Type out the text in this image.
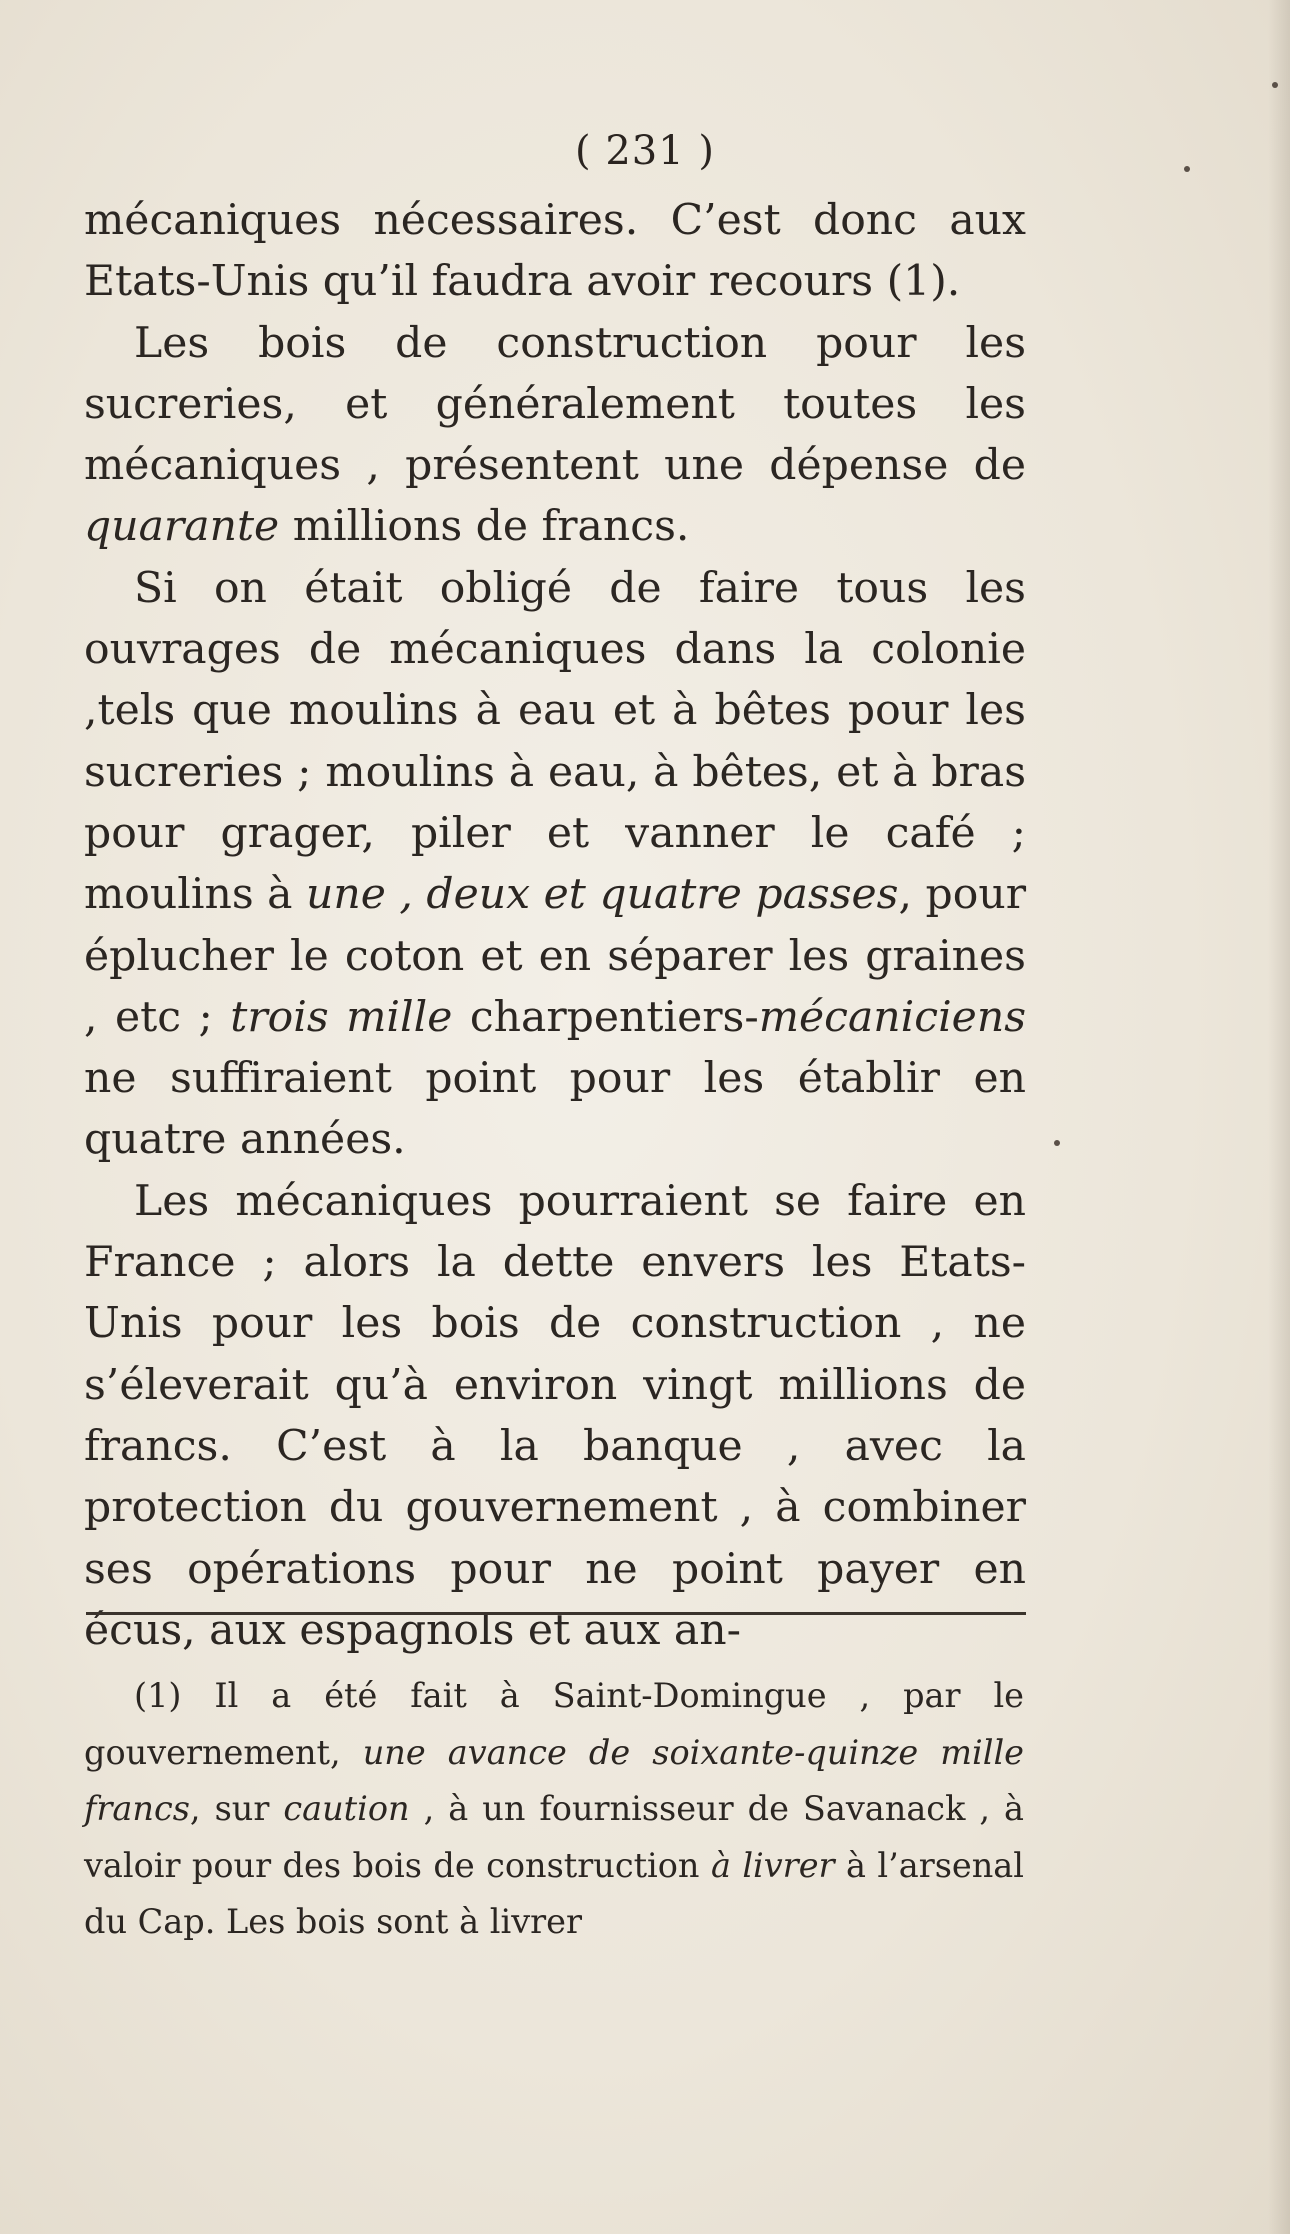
( 231 )

mécaniques nécessaires. C’est donc aux Etats-Unis qu’il faudra avoir recours (1).

Les bois de construction pour les sucreries, et généralement toutes les mécaniques , présentent une dépense de quarante millions de francs.

Si on était obligé de faire tous les ouvrages de mécaniques dans la colonie ,tels que moulins à eau et à bêtes pour les sucreries ; moulins à eau, à bêtes, et à bras pour grager, piler et vanner le café ; moulins à une , deux et quatre passes, pour éplucher le coton et en séparer les graines , etc ; trois mille charpentiers-mécaniciens ne suffiraient point pour les établir en quatre années.

Les mécaniques pourraient se faire en France ; alors la dette envers les Etats-Unis pour les bois de construction , ne s’éleverait qu’à environ vingt millions de francs. C’est à la banque , avec la protection du gouvernement , à combiner ses opérations pour ne point payer en écus, aux espagnols et aux an-

(1) Il a été fait à Saint-Domingue , par le gouvernement, une avance de soixante-quinze mille francs, sur caution , à un fournisseur de Savanack , à valoir pour des bois de construction à livrer à l’arsenal du Cap. Les bois sont à livrer
